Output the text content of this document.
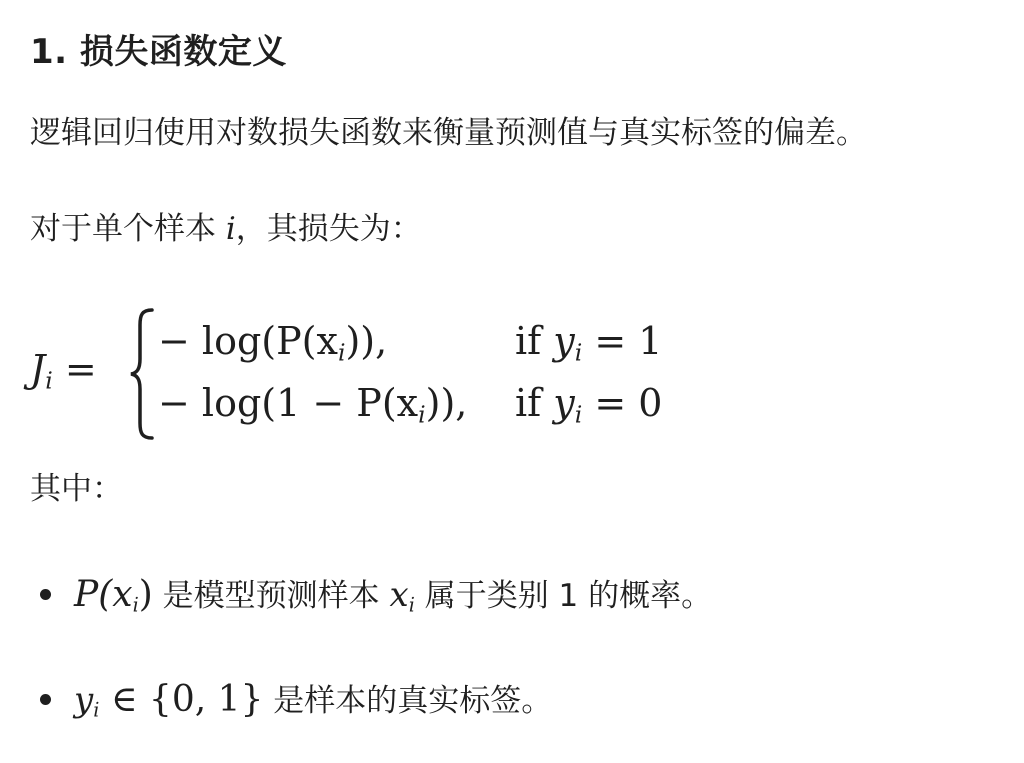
1. 损失函数定义

逻辑回归使用对数损失函数来衡量预测值与真实标签的偏差。

对于单个样本 i，其损失为：

$J_i$ =
− $\log(P(x_i))$,	if $y_i = 1$
− $\log(1 - P(x_i))$, if $y_i = 0$

其中：

$P(x_i)$ 是模型预测样本 $x_i$ 属于类别 1 的概率。
$y_i$ ∈ {0, 1} 是样本的真实标签。
